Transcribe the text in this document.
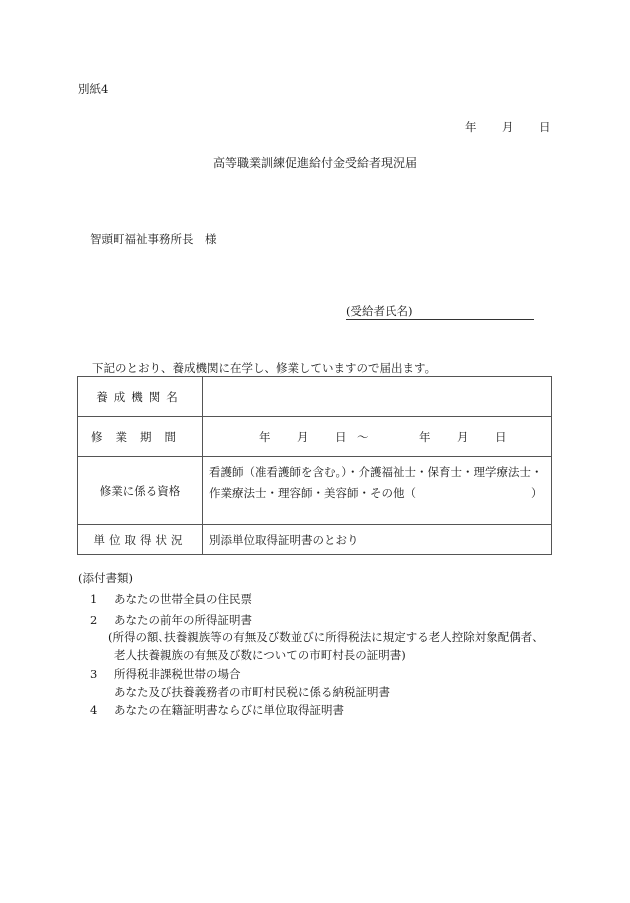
別紙4
年 月 日
高等職業訓練促進給付金受給者現況届
智頭町福祉事務所長　様
(受給者氏名)
下記のとおり、養成機関に在学し、修業していますので届出ます。
養成機関名	
修業期間	年	月	日 〜	年	月	日

修業に係る資格	看護師（准看護師を含む。）・介護福祉士・保育士・理学療法士・
作業療法士・理容師・美容師・その他（　　　　　　　　　　）

単位取得状況	別添単位取得証明書のとおり
(添付書類)
1 あなたの世帯全員の住民票
2 あなたの前年の所得証明書
(所得の額､扶養親族等の有無及び数並びに所得税法に規定する老人控除対象配偶者、
老人扶養親族の有無及び数についての市町村長の証明書)
3 所得税非課税世帯の場合
あなた及び扶養義務者の市町村民税に係る納税証明書
4 あなたの在籍証明書ならびに単位取得証明書
